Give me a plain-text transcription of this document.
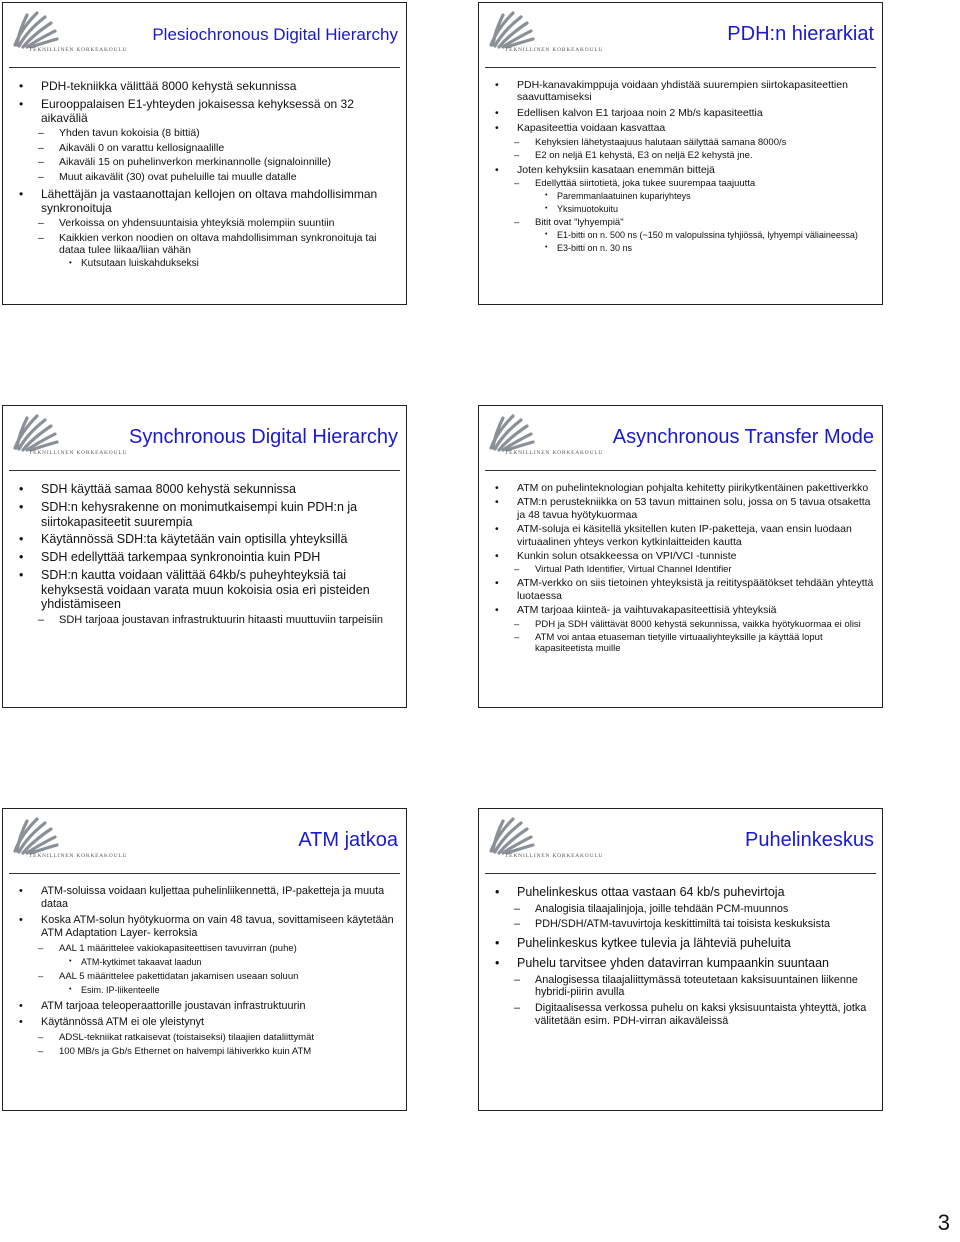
TEKNILLINEN KORKEAKOULU
Plesiochronous Digital Hierarchy
• PDH-tekniikka välittää 8000 kehystä sekunnissa
• Eurooppalaisen E1-yhteyden jokaisessa kehyksessä on 32 aikaväliä
– Yhden tavun kokoisia (8 bittiä)
– Aikaväli 0 on varattu kellosignaalille
– Aikaväli 15 on puhelinverkon merkinannolle (signaloinnille)
– Muut aikavälit (30) ovat puheluille tai muulle datalle
• Lähettäjän ja vastaanottajan kellojen on oltava mahdollisimman synkronoituja
– Verkoissa on yhdensuuntaisia yhteyksiä molempiin suuntiin
– Kaikkien verkon noodien on oltava mahdollisimman synkronoituja tai dataa tulee liikaa/liian vähän
• Kutsutaan luiskahdukseksi
TEKNILLINEN KORKEAKOULU
PDH:n hierarkiat
• PDH-kanavakimppuja voidaan yhdistää suurempien siirtokapasiteettien saavuttamiseksi
• Edellisen kalvon E1 tarjoaa noin 2 Mb/s kapasiteettia
• Kapasiteettia voidaan kasvattaa
– Kehyksien lähetystaajuus halutaan säilyttää samana 8000/s
– E2 on neljä E1 kehystä, E3 on neljä E2 kehystä jne.
• Joten kehyksiin kasataan enemmän bittejä
– Edellyttää siirtotietä, joka tukee suurempaa taajuutta
• Paremmanlaatuinen kupariyhteys
• Yksimuotokuitu
– Bitit ovat "lyhyempiä"
• E1-bitti on n. 500 ns (~150 m valopulssina tyhjiössä, lyhyempi väliaineessa)
• E3-bitti on n. 30 ns
TEKNILLINEN KORKEAKOULU
Synchronous Digital Hierarchy
• SDH käyttää samaa 8000 kehystä sekunnissa
• SDH:n kehysrakenne on monimutkaisempi kuin PDH:n ja siirtokapasiteetit suurempia
• Käytännössä SDH:ta käytetään vain optisilla yhteyksillä
• SDH edellyttää tarkempaa synkronointia kuin PDH
• SDH:n kautta voidaan välittää 64kb/s puheyhteyksiä tai kehyksestä voidaan varata muun kokoisia osia eri pisteiden yhdistämiseen
– SDH tarjoaa joustavan infrastruktuurin hitaasti muuttuviin tarpeisiin
TEKNILLINEN KORKEAKOULU
Asynchronous Transfer Mode
• ATM on puhelinteknologian pohjalta kehitetty piirikytkentäinen pakettiverkko
• ATM:n perustekniikka on 53 tavun mittainen solu, jossa on 5 tavua otsaketta ja 48 tavua hyötykuormaa
• ATM-soluja ei käsitellä yksitellen kuten IP-paketteja, vaan ensin luodaan virtuaalinen yhteys verkon kytkinlaitteiden kautta
• Kunkin solun otsakkeessa on VPI/VCI -tunniste
– Virtual Path Identifier, Virtual Channel Identifier
• ATM-verkko on siis tietoinen yhteyksistä ja reitityspäätökset tehdään yhteyttä luotaessa
• ATM tarjoaa kiinteä- ja vaihtuvakapasiteettisiä yhteyksiä
– PDH ja SDH välittävät 8000 kehystä sekunnissa, vaikka hyötykuormaa ei olisi
– ATM voi antaa etuaseman tietyille virtuaaliyhteyksille ja käyttää loput kapasiteetista muille
TEKNILLINEN KORKEAKOULU
ATM jatkoa
• ATM-soluissa voidaan kuljettaa puhelinliikennettä, IP-paketteja ja muuta dataa
• Koska ATM-solun hyötykuorma on vain 48 tavua, sovittamiseen käytetään ATM Adaptation Layer- kerroksia
– AAL 1 määrittelee vakiokapasiteettisen tavuvirran (puhe)
• ATM-kytkimet takaavat laadun
– AAL 5 määrittelee pakettidatan jakamisen useaan soluun
• Esim. IP-liikenteelle
• ATM tarjoaa teleoperaattorille joustavan infrastruktuurin
• Käytännössä ATM ei ole yleistynyt
– ADSL-tekniikat ratkaisevat (toistaiseksi) tilaajien dataliittymät
– 100 MB/s ja Gb/s Ethernet on halvempi lähiverkko kuin ATM
TEKNILLINEN KORKEAKOULU
Puhelinkeskus
• Puhelinkeskus ottaa vastaan 64 kb/s puhevirtoja
– Analogisia tilaajalinjoja, joille tehdään PCM-muunnos
– PDH/SDH/ATM-tavuvirtoja keskittimiltä tai toisista keskuksista
• Puhelinkeskus kytkee tulevia ja lähteviä puheluita
• Puhelu tarvitsee yhden datavirran kumpaankin suuntaan
– Analogisessa tilaajaliittymässä toteutetaan kaksisuuntainen liikenne hybridi-piirin avulla
– Digitaalisessa verkossa puhelu on kaksi yksisuuntaista yhteyttä, jotka välitetään esim. PDH-virran aikaväleissä
3
